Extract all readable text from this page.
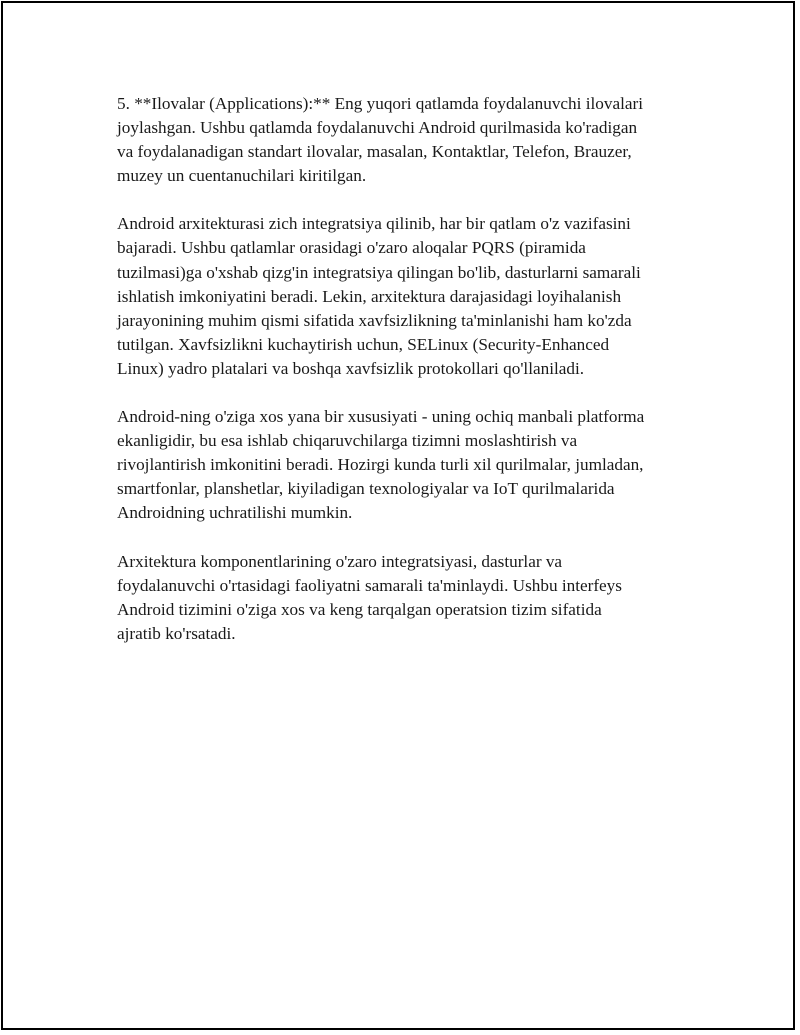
5. **Ilovalar (Applications):** Eng yuqori qatlamda foydalanuvchi ilovalari
joylashgan. Ushbu qatlamda foydalanuvchi Android qurilmasida ko'radigan
va foydalanadigan standart ilovalar, masalan, Kontaktlar, Telefon, Brauzer,
muzey un cuentanuchilari kiritilgan.

Android arxitekturasi zich integratsiya qilinib, har bir qatlam o'z vazifasini
bajaradi. Ushbu qatlamlar orasidagi o'zaro aloqalar PQRS (piramida
tuzilmasi)ga o'xshab qizg'in integratsiya qilingan bo'lib, dasturlarni samarali
ishlatish imkoniyatini beradi. Lekin, arxitektura darajasidagi loyihalanish
jarayonining muhim qismi sifatida xavfsizlikning ta'minlanishi ham ko'zda
tutilgan. Xavfsizlikni kuchaytirish uchun, SELinux (Security-Enhanced
Linux) yadro platalari va boshqa xavfsizlik protokollari qo'llaniladi.

Android-ning o'ziga xos yana bir xususiyati - uning ochiq manbali platforma
ekanligidir, bu esa ishlab chiqaruvchilarga tizimni moslashtirish va
rivojlantirish imkonitini beradi. Hozirgi kunda turli xil qurilmalar, jumladan,
smartfonlar, planshetlar, kiyiladigan texnologiyalar va IoT qurilmalarida
Androidning uchratilishi mumkin.

Arxitektura komponentlarining o'zaro integratsiyasi, dasturlar va
foydalanuvchi o'rtasidagi faoliyatni samarali ta'minlaydi. Ushbu interfeys
Android tizimini o'ziga xos va keng tarqalgan operatsion tizim sifatida
ajratib ko'rsatadi.
